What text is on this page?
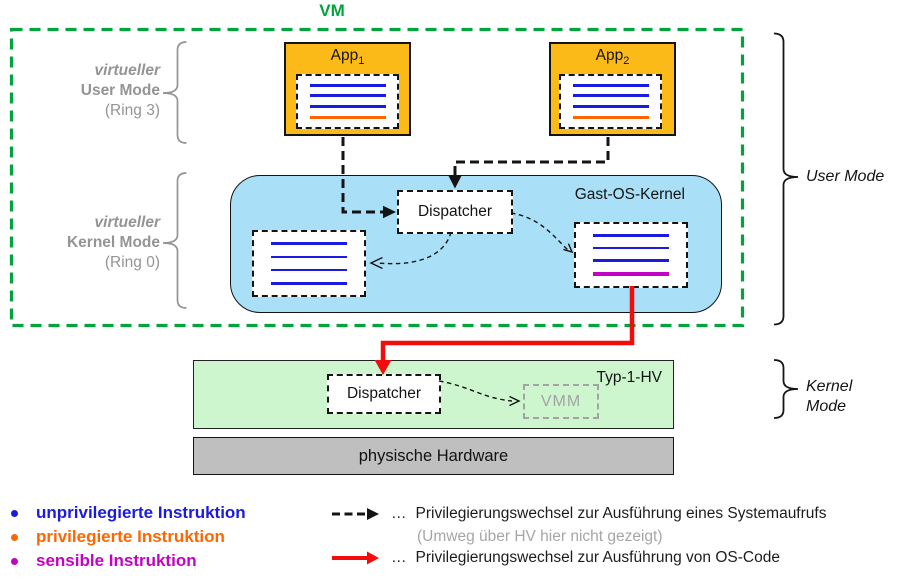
VM
virtueller
User Mode
(Ring 3)
virtueller
Kernel Mode
(Ring 0)
User Mode
Kernel Mode
App$_1$	App$_2$
Gast-OS-Kernel
Dispatcher
Typ-1-HV
Dispatcher	VMM
physische Hardware
unprivilegierte Instruktion
privilegierte Instruktion
sensible Instruktion
… Privilegierungswechsel zur Ausführung eines Systemaufrufs
(Umweg über HV hier nicht gezeigt)
… Privilegierungswechsel zur Ausführung von OS-Code
